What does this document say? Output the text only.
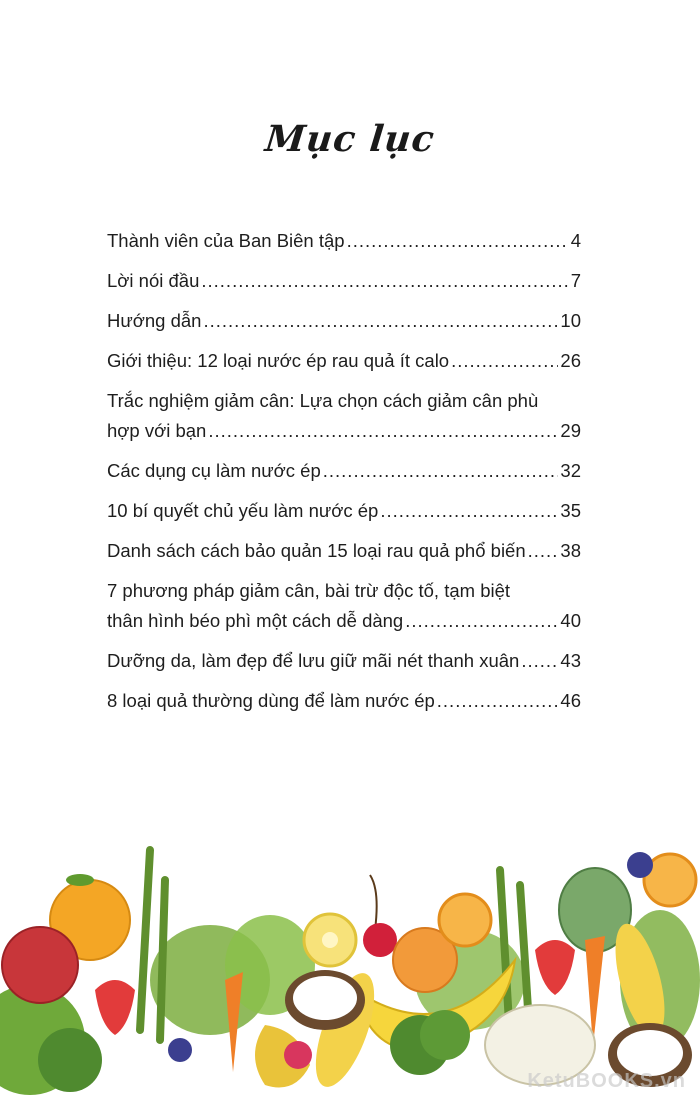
Mục lục
Thành viên của Ban Biên tập .....	4
Lời nói đầu .....	7
Hướng dẫn .....	10
Giới thiệu: 12 loại nước ép rau quả ít calo .....	26
Trắc nghiệm giảm cân: Lựa chọn cách giảm cân phù
hợp với bạn .....	29
Các dụng cụ làm nước ép .....	32
10 bí quyết chủ yếu làm nước ép .....	35
Danh sách cách bảo quản 15 loại rau quả phổ biến ..... 38
7 phương pháp giảm cân, bài trừ độc tố, tạm biệt
thân hình béo phì một cách dễ dàng .....	40
Dưỡng da, làm đẹp để lưu giữ mãi nét thanh xuân ..... 43
8 loại quả thường dùng để làm nước ép .....	46
KetuBOOKS.vn
